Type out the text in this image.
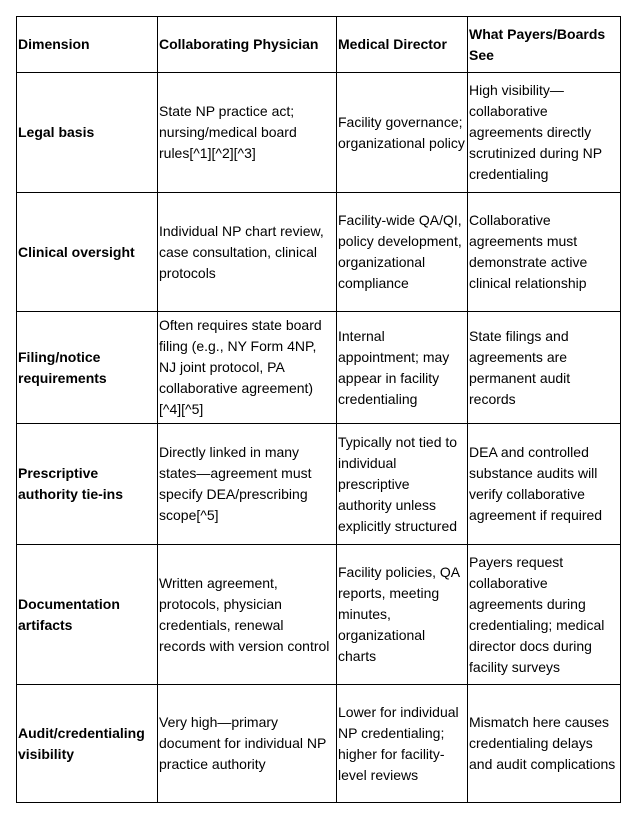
Dimension	Collaborating Physician	Medical Director	What Payers/Boards See
Legal basis	State NP practice act; nursing/medical board rules[^1][^2][^3]	Facility governance; organizational policy	High visibility—collaborative agreements directly scrutinized during NP credentialing
Clinical oversight	Individual NP chart review, case consultation, clinical protocols	Facility-wide QA/QI, policy development, organizational compliance	Collaborative agreements must demonstrate active clinical relationship
Filing/notice requirements	Often requires state board filing (e.g., NY Form 4NP, NJ joint protocol, PA collaborative agreement)[^4][^5]	Internal appointment; may appear in facility credentialing	State filings and agreements are permanent audit records
Prescriptive authority tie-ins	Directly linked in many states—agreement must specify DEA/prescribing scope[^5]	Typically not tied to individual prescriptive authority unless explicitly structured	DEA and controlled substance audits will verify collaborative agreement if required
Documentation artifacts	Written agreement, protocols, physician credentials, renewal records with version control	Facility policies, QA reports, meeting minutes, organizational charts	Payers request collaborative agreements during credentialing; medical director docs during facility surveys
Audit/credentialing visibility	Very high—primary document for individual NP practice authority	Lower for individual NP credentialing; higher for facility-level reviews	Mismatch here causes credentialing delays and audit complications
